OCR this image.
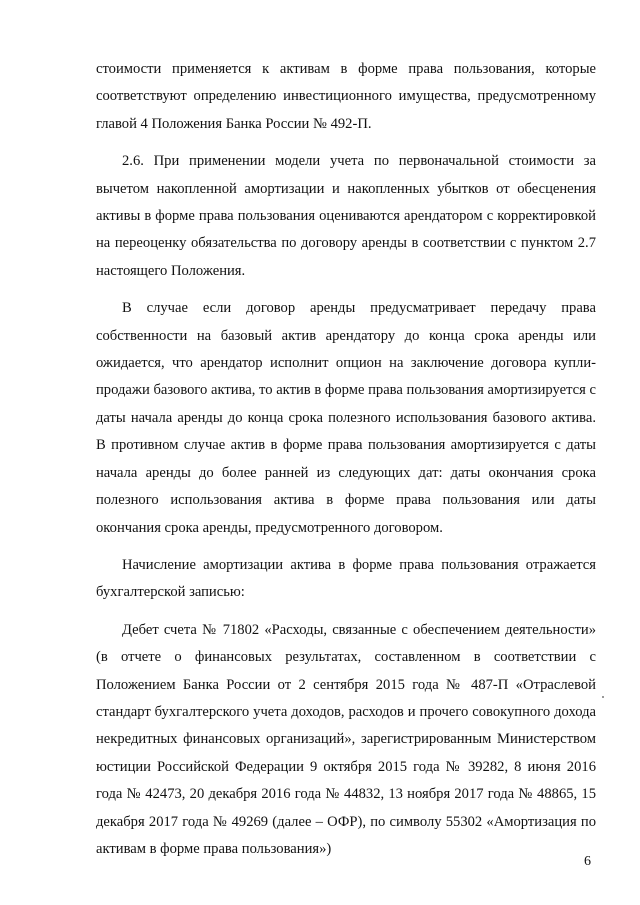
стоимости применяется к активам в форме права пользования, которые соответствуют определению инвестиционного имущества, предусмотренному главой 4 Положения Банка России № 492-П.

2.6. При применении модели учета по первоначальной стоимости за вычетом накопленной амортизации и накопленных убытков от обесценения активы в форме права пользования оцениваются арендатором с корректировкой на переоценку обязательства по договору аренды в соответствии с пунктом 2.7 настоящего Положения.

В случае если договор аренды предусматривает передачу права собственности на базовый актив арендатору до конца срока аренды или ожидается, что арендатор исполнит опцион на заключение договора купли-продажи базового актива, то актив в форме права пользования амортизируется с даты начала аренды до конца срока полезного использования базового актива. В противном случае актив в форме права пользования амортизируется с даты начала аренды до более ранней из следующих дат: даты окончания срока полезного использования актива в форме права пользования или даты окончания срока аренды, предусмотренного договором.

Начисление амортизации актива в форме права пользования отражается бухгалтерской записью:

Дебет счета № 71802 «Расходы, связанные с обеспечением деятельности» (в отчете о финансовых результатах, составленном в соответствии с Положением Банка России от 2 сентября 2015 года № 487-П «Отраслевой стандарт бухгалтерского учета доходов, расходов и прочего совокупного дохода некредитных финансовых организаций», зарегистрированным Министерством юстиции Российской Федерации 9 октября 2015 года № 39282, 8 июня 2016 года № 42473, 20 декабря 2016 года № 44832, 13 ноября 2017 года № 48865, 15 декабря 2017 года № 49269 (далее – ОФР), по символу 55302 «Амортизация по активам в форме права пользования»)

6
